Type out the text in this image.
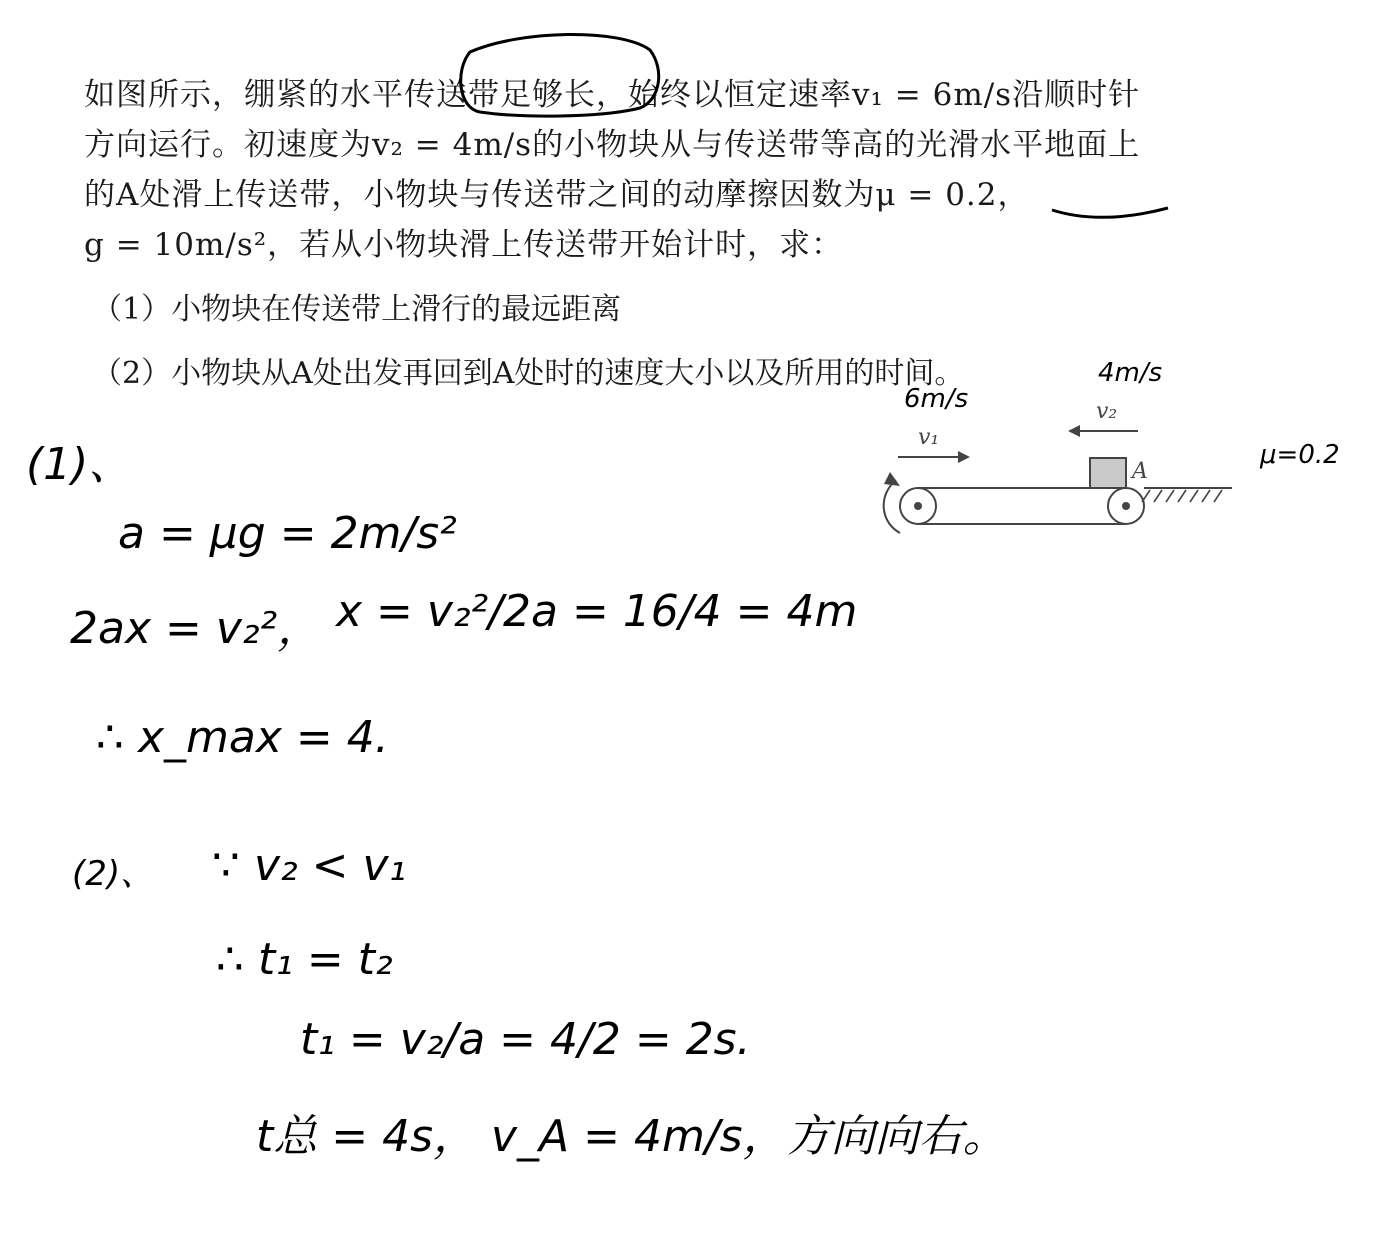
如图所示，绷紧的水平传送带足够长，始终以恒定速率v₁ = 6m/s沿顺时针
方向运行。初速度为v₂ = 4m/s的小物块从与传送带等高的光滑水平地面上
的A处滑上传送带，小物块与传送带之间的动摩擦因数为μ = 0.2，
g = 10m/s²，若从小物块滑上传送带开始计时，求：
（1）小物块在传送带上滑行的最远距离
（2）小物块从A处出发再回到A处时的速度大小以及所用的时间。
v₁
v₂
A
6m/s
4m/s
μ=0.2
(1)、
a = μg = 2m/s²
2ax = v₂²， x = v₂²/2a = 16/4 = 4m
∴ x_max = 4.
(2)、 ∵ v₂ < v₁
∴ t₁ = t₂
t₁ = v₂/a = 4/2 = 2s.
t总 = 4s， v_A = 4m/s，方向向右。
